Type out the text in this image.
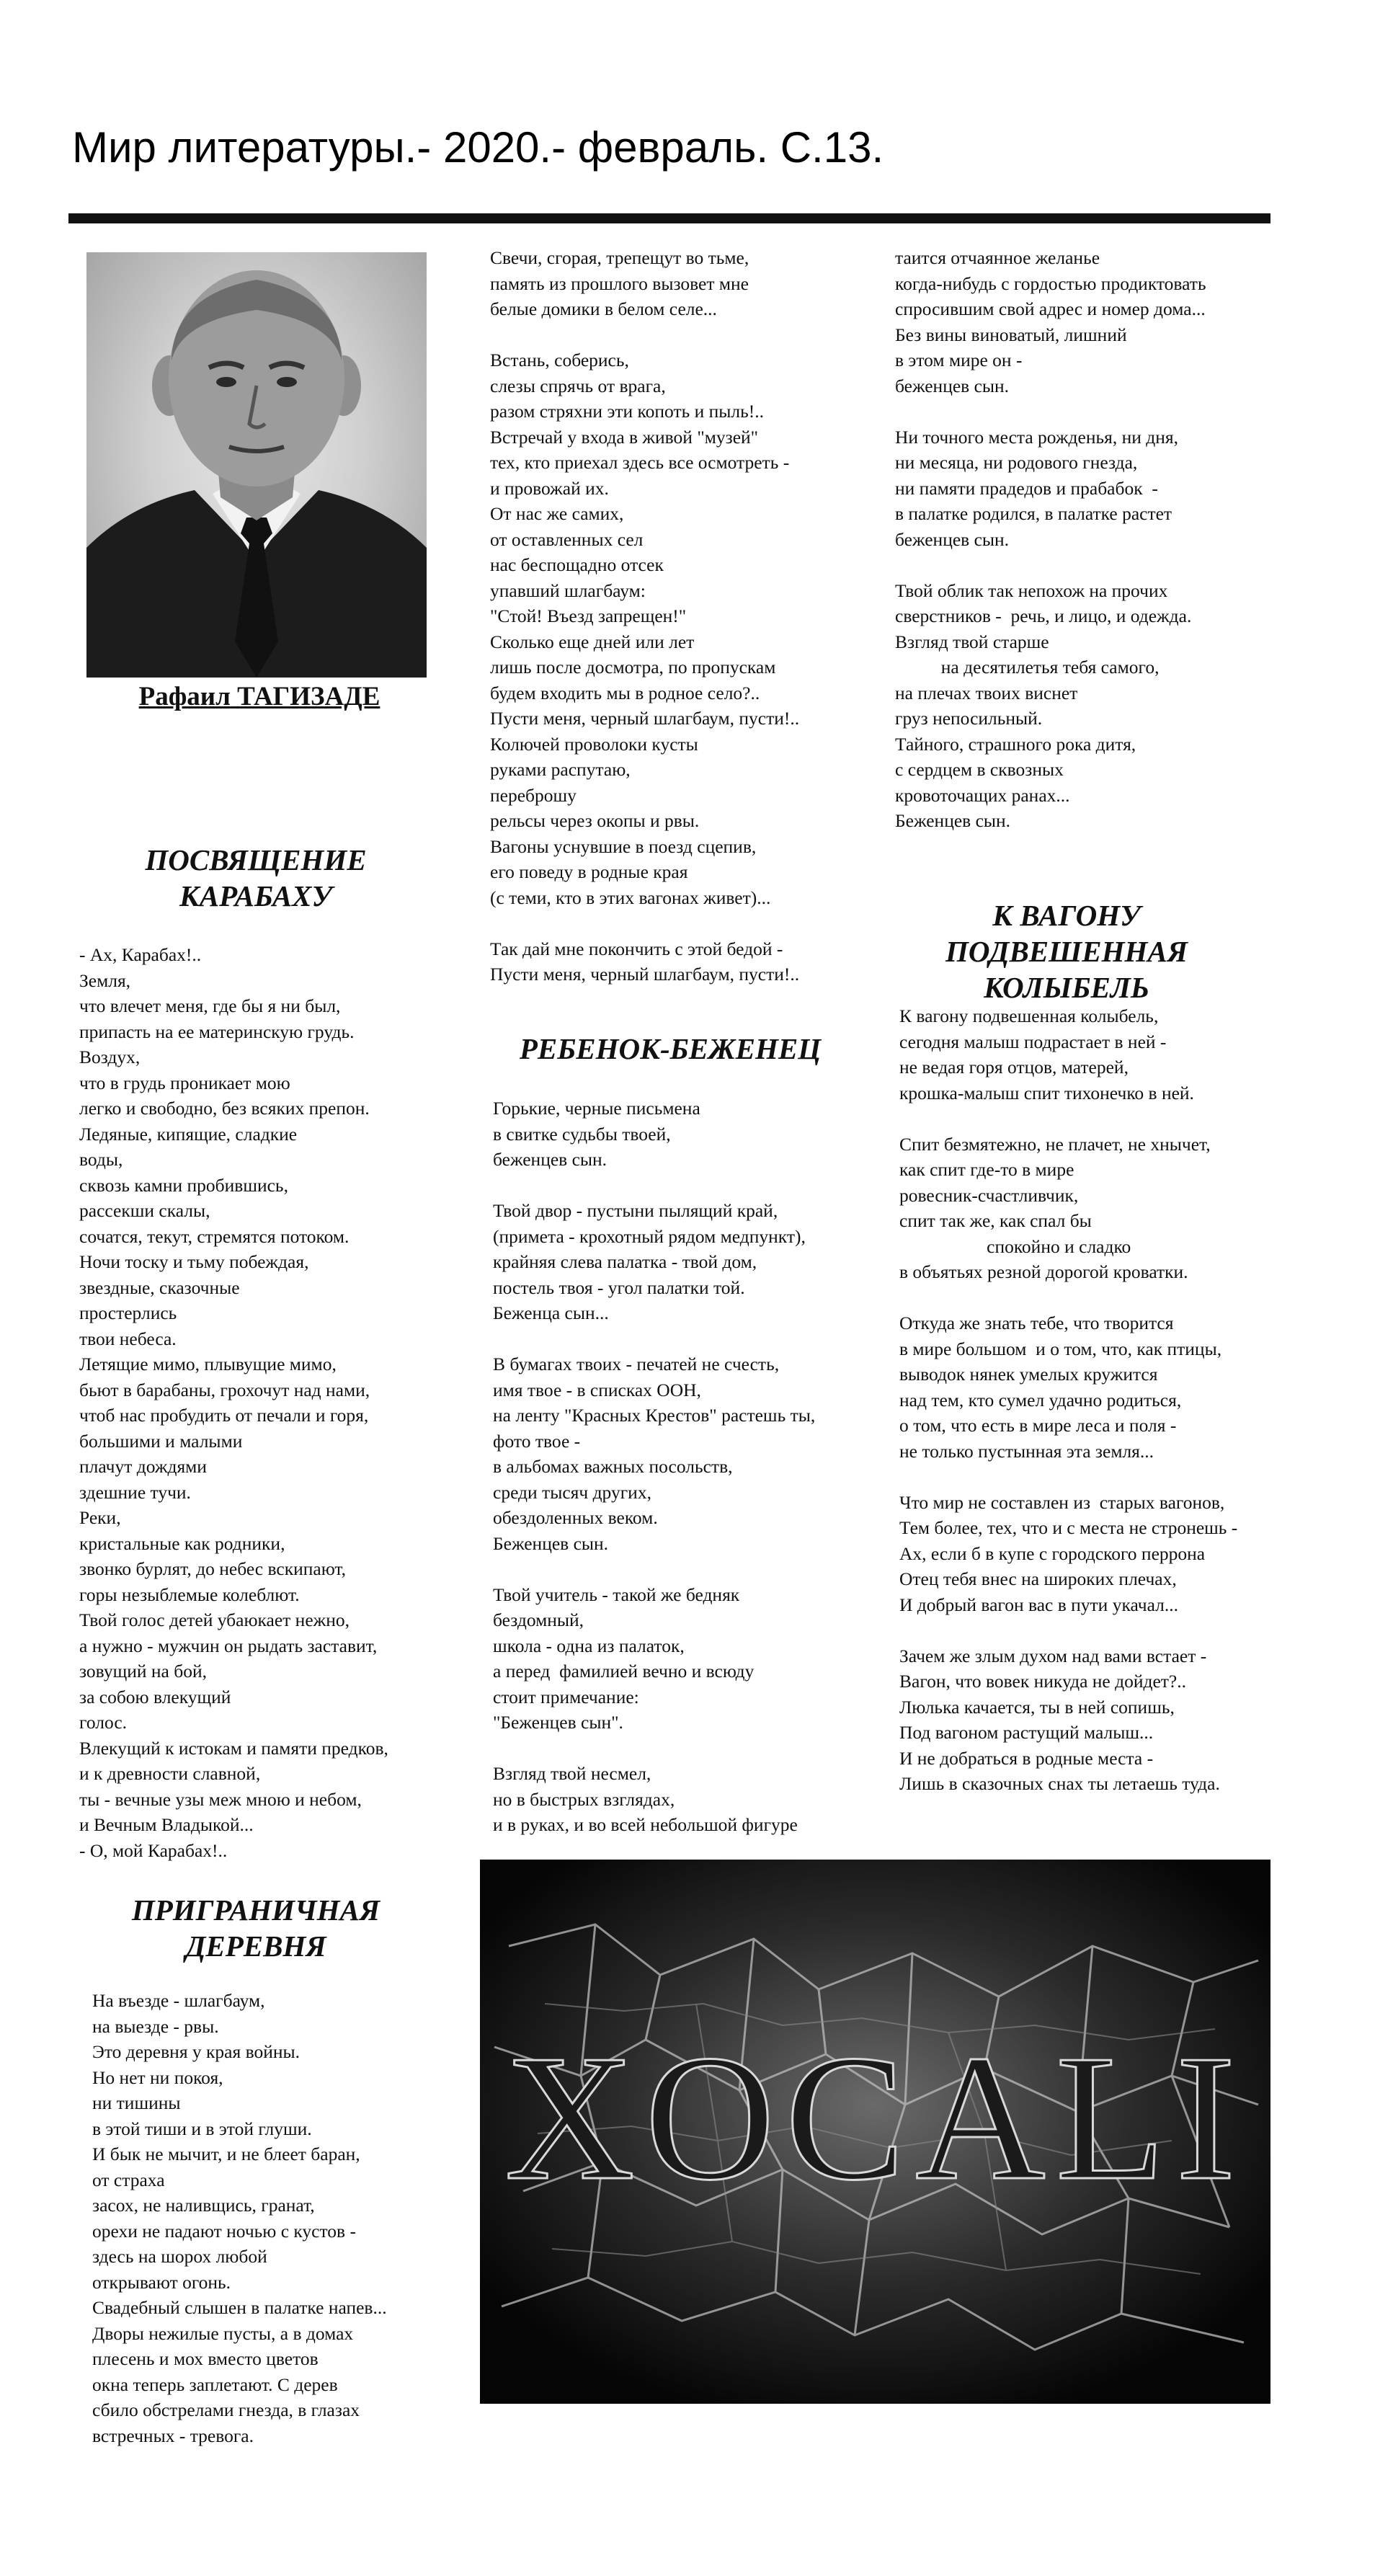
Мир литературы.- 2020.- февраль. С.13.
Рафаил ТАГИЗАДЕ
ПОСВЯЩЕНИЕ
КАРАБАХУ
- Ах, Карабах!..
Земля,
что влечет меня, где бы я ни был,
припасть на ее материнскую грудь.
Воздух,
что в грудь проникает мою
легко и свободно, без всяких препон.
Ледяные, кипящие, сладкие
воды,
сквозь камни пробившись,
рассекши скалы,
сочатся, текут, стремятся потоком.
Ночи тоску и тьму побеждая,
звездные, сказочные
простерлись
твои небеса.
Летящие мимо, плывущие мимо,
бьют в барабаны, грохочут над нами,
чтоб нас пробудить от печали и горя,
большими и малыми
плачут дождями
здешние тучи.
Реки,
кристальные как родники,
звонко бурлят, до небес вскипают,
горы незыблемые колеблют.
Твой голос детей убаюкает нежно,
а нужно - мужчин он рыдать заставит,
зовущий на бой,
за собою влекущий
голос.
Влекущий к истокам и памяти предков,
и к древности славной,
ты - вечные узы меж мною и небом,
и Вечным Владыкой...
- О, мой Карабах!..
ПРИГРАНИЧНАЯ
ДЕРЕВНЯ
На въезде - шлагбаум,
на выезде - рвы.
Это деревня у края войны.
Но нет ни покоя,
ни тишины
в этой тиши и в этой глуши.
И бык не мычит, и не блеет баран,
от страха
засох, не наливщись, гранат,
орехи не падают ночью с кустов -
здесь на шорох любой
открывают огонь.
Свадебный слышен в палатке напев...
Дворы нежилые пусты, а в домах
плесень и мох вместо цветов
окна теперь заплетают. С дерев
сбило обстрелами гнезда, в глазах
встречных - тревога.
Свечи, сгорая, трепещут во тьме,
память из прошлого вызовет мне
белые домики в белом селе...

Встань, соберись,
слезы спрячь от врага,
разом стряхни эти копоть и пыль!..
Встречай у входа в живой "музей"
тех, кто приехал здесь все осмотреть -
и провожай их.
От нас же самих,
от оставленных сел
нас беспощадно отсек
упавший шлагбаум:
"Стой! Въезд запрещен!"
Сколько еще дней или лет
лишь после досмотра, по пропускам
будем входить мы в родное село?..
Пусти меня, черный шлагбаум, пусти!..
Колючей проволоки кусты
руками распутаю,
переброшу
рельсы через окопы и рвы.
Вагоны уснувшие в поезд сцепив,
его поведу в родные края
(с теми, кто в этих вагонах живет)...

Так дай мне покончить с этой бедой -
Пусти меня, черный шлагбаум, пусти!..
РЕБЕНОК-БЕЖЕНЕЦ
Горькие, черные письмена
в свитке судьбы твоей,
беженцев сын.

Твой двор - пустыни пылящий край,
(примета - крохотный рядом медпункт),
крайняя слева палатка - твой дом,
постель твоя - угол палатки той.
Беженца сын...

В бумагах твоих - печатей не счесть,
имя твое - в списках ООН,
на ленту "Красных Крестов" растешь ты,
фото твое -
в альбомах важных посольств,
среди тысяч других,
обездоленных веком.
Беженцев сын.

Твой учитель - такой же бедняк
бездомный,
школа - одна из палаток,
а перед  фамилией вечно и всюду
стоит примечание:
"Беженцев сын".

Взгляд твой несмел,
но в быстрых взглядах,
и в руках, и во всей небольшой фигуре
таится отчаянное желанье
когда-нибудь с гордостью продиктовать
спросившим свой адрес и номер дома...
Без вины виноватый, лишний
в этом мире он -
беженцев сын.

Ни точного места рожденья, ни дня,
ни месяца, ни родового гнезда,
ни памяти прадедов и прабабок  -
в палатке родился, в палатке растет
беженцев сын.

Твой облик так непохож на прочих
сверстников -  речь, и лицо, и одежда.
Взгляд твой старше
на десятилетья тебя самого,
на плечах твоих виснет
груз непосильный.
Тайного, страшного рока дитя,
с сердцем в сквозных
кровоточащих ранах...
Беженцев сын.
К ВАГОНУ ПОДВЕШЕННАЯ
КОЛЫБЕЛЬ
К вагону подвешенная колыбель,
сегодня малыш подрастает в ней -
не ведая горя отцов, матерей,
крошка-малыш спит тихонечко в ней.

Спит безмятежно, не плачет, не хнычет,
как спит где-то в мире
ровесник-счастливчик,
спит так же, как спал бы
спокойно и сладко
в объятьях резной дорогой кроватки.

Откуда же знать тебе, что творится
в мире большом  и о том, что, как птицы,
выводок нянек умелых кружится
над тем, кто сумел удачно родиться,
о том, что есть в мире леса и поля -
не только пустынная эта земля...

Что мир не составлен из  старых вагонов,
Тем более, тех, что и с места не стронешь -
Ах, если б в купе с городского перрона
Отец тебя внес на широких плечах,
И добрый вагон вас в пути укачал...

Зачем же злым духом над вами встает -
Вагон, что вовек никуда не дойдет?..
Люлька качается, ты в ней сопишь,
Под вагоном растущий малыш...
И не добраться в родные места -
Лишь в сказочных снах ты летаешь туда.
XOCALI
